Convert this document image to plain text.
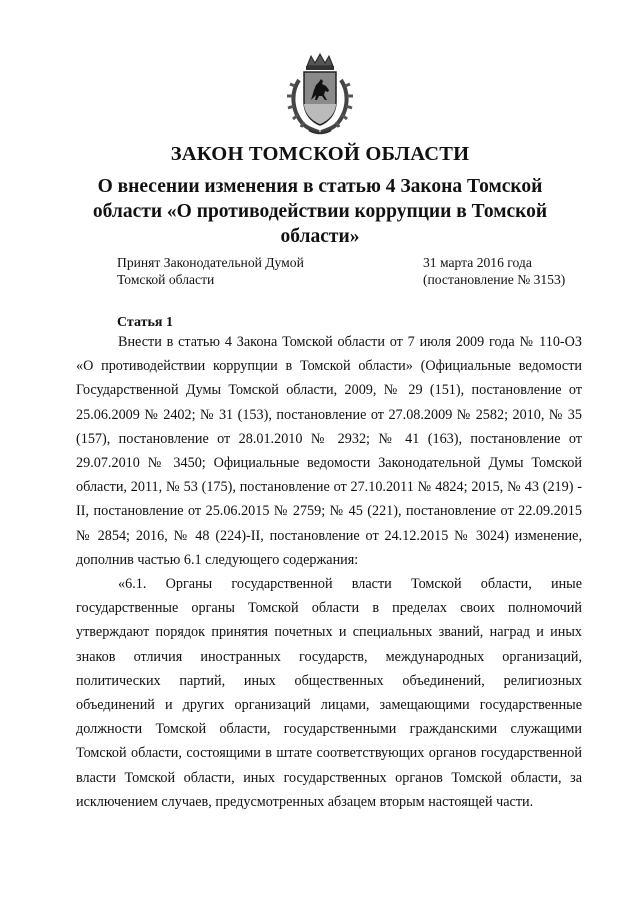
ЗАКОН ТОМСКОЙ ОБЛАСТИ
О внесении изменения в статью 4 Закона Томской
области «О противодействии коррупции в Томской
области»
Принят Законодательной Думой
Томской области
31 марта 2016 года
(постановление № 3153)
Статья 1

Внести в статью 4 Закона Томской области от 7 июля 2009 года № 110-ОЗ «О противодействии коррупции в Томской области» (Официальные ведомости Государственной Думы Томской области, 2009, № 29 (151), постановление от 25.06.2009 № 2402; № 31 (153), постановление от 27.08.2009 № 2582; 2010, № 35 (157), постановление от 28.01.2010 № 2932; № 41 (163), постановление от 29.07.2010 № 3450; Официальные ведомости Законодательной Думы Томской области, 2011, № 53 (175), постановление от 27.10.2011 № 4824; 2015, № 43 (219) - II, постановление от 25.06.2015 № 2759; № 45 (221), постановление от 22.09.2015 № 2854; 2016, № 48 (224)-II, постановление от 24.12.2015 № 3024) изменение, дополнив частью 6.1 следующего содержания:

«6.1. Органы государственной власти Томской области, иные государственные органы Томской области в пределах своих полномочий утверждают порядок принятия почетных и специальных званий, наград и иных знаков отличия иностранных государств, международных организаций, политических партий, иных общественных объединений, религиозных объединений и других организаций лицами, замещающими государственные должности Томской области, государственными гражданскими служащими Томской области, состоящими в штате соответствующих органов государственной власти Томской области, иных государственных органов Томской области, за исключением случаев, предусмотренных абзацем вторым настоящей части.
